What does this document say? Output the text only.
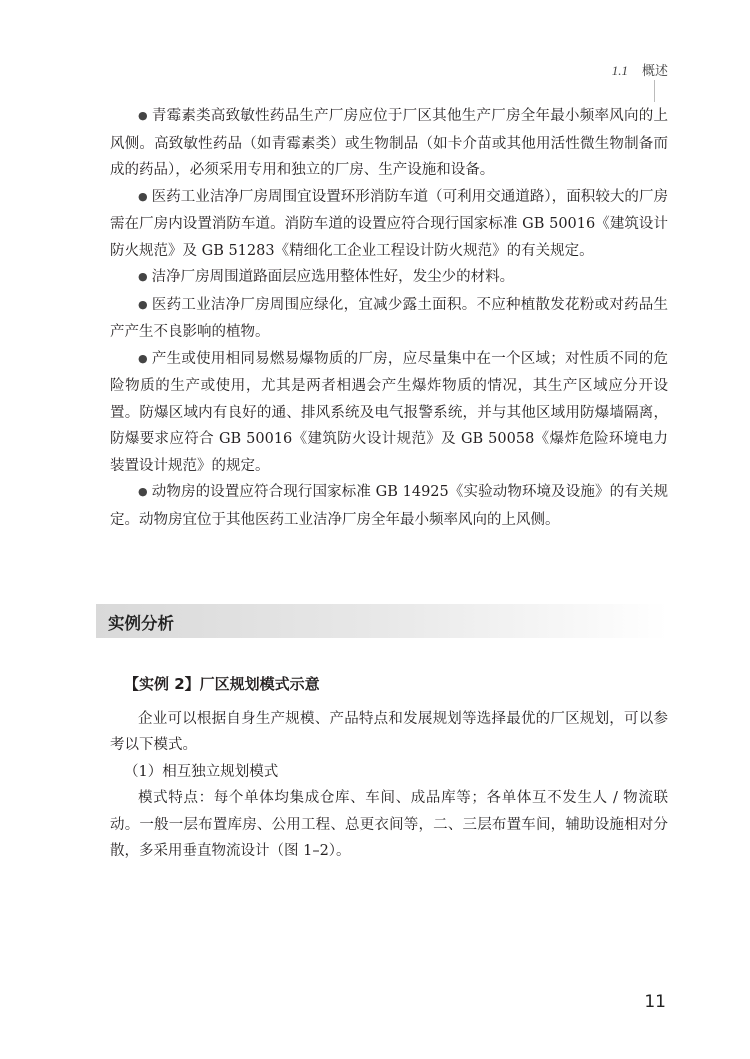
1.1 概述

● 青霉素类高致敏性药品生产厂房应位于厂区其他生产厂房全年最小频率风向的上风侧。高致敏性药品（如青霉素类）或生物制品（如卡介苗或其他用活性微生物制备而成的药品），必须采用专用和独立的厂房、生产设施和设备。

● 医药工业洁净厂房周围宜设置环形消防车道（可利用交通道路），面积较大的厂房需在厂房内设置消防车道。消防车道的设置应符合现行国家标准 GB 50016《建筑设计防火规范》及 GB 51283《精细化工企业工程设计防火规范》的有关规定。

● 洁净厂房周围道路面层应选用整体性好，发尘少的材料。

● 医药工业洁净厂房周围应绿化，宜减少露土面积。不应种植散发花粉或对药品生产产生不良影响的植物。

● 产生或使用相同易燃易爆物质的厂房，应尽量集中在一个区域；对性质不同的危险物质的生产或使用，尤其是两者相遇会产生爆炸物质的情况，其生产区域应分开设置。防爆区域内有良好的通、排风系统及电气报警系统，并与其他区域用防爆墙隔离，防爆要求应符合 GB 50016《建筑防火设计规范》及 GB 50058《爆炸危险环境电力装置设计规范》的规定。

● 动物房的设置应符合现行国家标准 GB 14925《实验动物环境及设施》的有关规定。动物房宜位于其他医药工业洁净厂房全年最小频率风向的上风侧。

实例分析

【实例 2】厂区规划模式示意

企业可以根据自身生产规模、产品特点和发展规划等选择最优的厂区规划，可以参考以下模式。

（1）相互独立规划模式

模式特点：每个单体均集成仓库、车间、成品库等；各单体互不发生人 / 物流联动。一般一层布置库房、公用工程、总更衣间等，二、三层布置车间，辅助设施相对分散，多采用垂直物流设计（图 1–2）。

11
